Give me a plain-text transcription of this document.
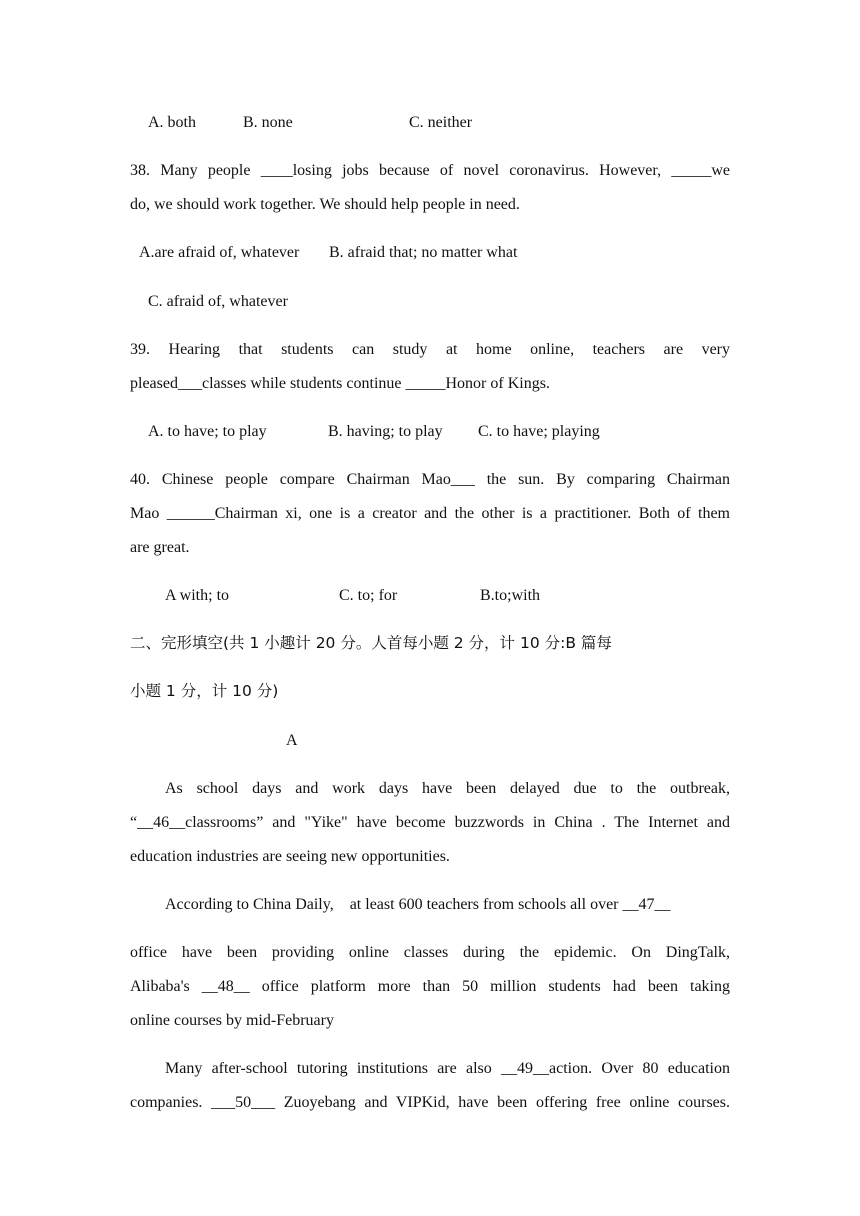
A. both	B. none	C. neither
38. Many people ____losing jobs because of novel coronavirus. However, _____we
do, we should work together. We should help people in need.
A.are afraid of, whatever B. afraid that; no matter what
C. afraid of, whatever
39. Hearing that students can study at home online, teachers are very
pleased___classes while students continue _____Honor of Kings.
A. to have; to play	B. having; to play C. to have; playing
40. Chinese people compare Chairman Mao___ the sun. By comparing Chairman
Mao ______Chairman xi, one is a creator and the other is a practitioner. Both of them
are great.
A with; to	C. to; for	B.to;with
二、完形填空(共 1 小趣计 20 分。人首每小题 2 分，计 10 分:B 篇每
小题 1 分，计 10 分)
A
As school days and work days have been delayed due to the outbreak,
“__46__classrooms” and "Yike" have become buzzwords in China . The Internet and
education industries are seeing new opportunities.
According to China Daily,    at least 600 teachers from schools all over __47__
office have been providing online classes during the epidemic. On DingTalk,
Alibaba's __48__ office platform more than 50 million students had been taking
online courses by mid-February
Many after-school tutoring institutions are also __49__action. Over 80 education
companies. ___50___ Zuoyebang and VIPKid, have been offering free online courses.
